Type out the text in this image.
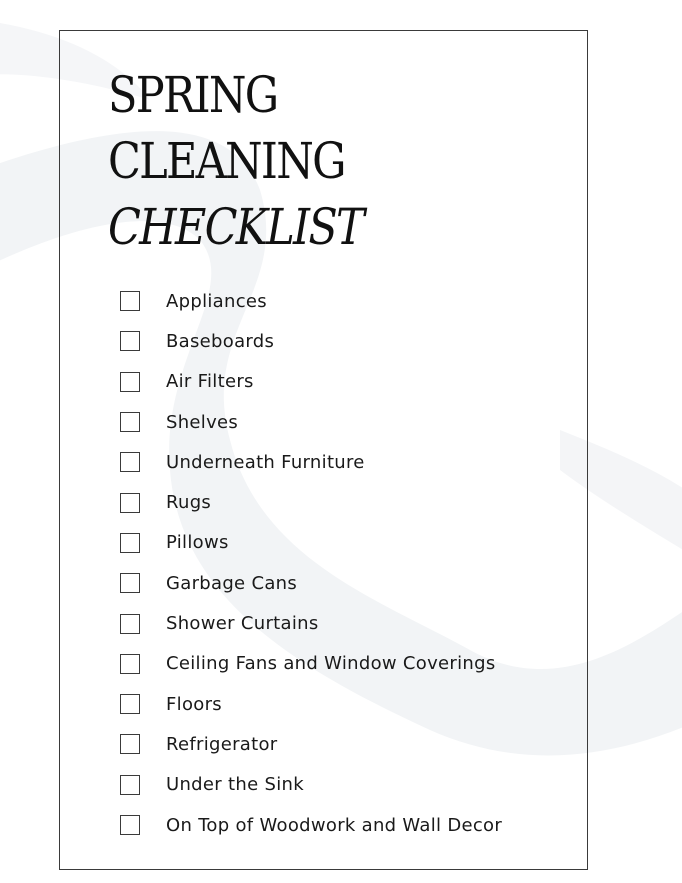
SPRING
CLEANING
CHECKLIST
Appliances
Baseboards
Air Filters
Shelves
Underneath Furniture
Rugs
Pillows
Garbage Cans
Shower Curtains
Ceiling Fans and Window Coverings
Floors
Refrigerator
Under the Sink
On Top of Woodwork and Wall Decor
